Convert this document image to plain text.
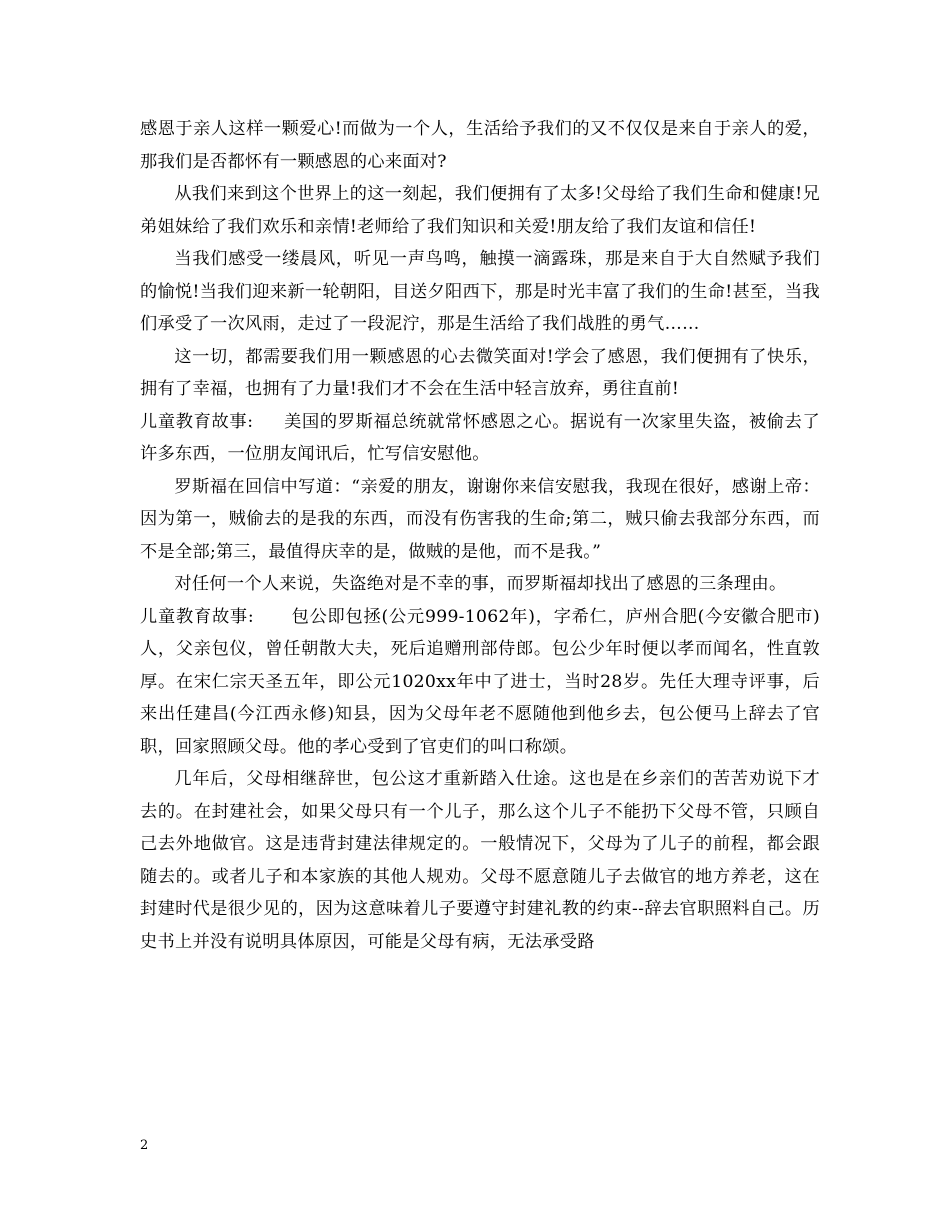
感恩于亲人这样一颗爱心!而做为一个人，生活给予我们的又不仅仅是来自于亲人的爱，那我们是否都怀有一颗感恩的心来面对?

从我们来到这个世界上的这一刻起，我们便拥有了太多!父母给了我们生命和健康!兄弟姐妹给了我们欢乐和亲情!老师给了我们知识和关爱!朋友给了我们友谊和信任!

当我们感受一缕晨风，听见一声鸟鸣，触摸一滴露珠，那是来自于大自然赋予我们的愉悦!当我们迎来新一轮朝阳，目送夕阳西下，那是时光丰富了我们的生命!甚至，当我们承受了一次风雨，走过了一段泥泞，那是生活给了我们战胜的勇气……

这一切，都需要我们用一颗感恩的心去微笑面对!学会了感恩，我们便拥有了快乐，拥有了幸福，也拥有了力量!我们才不会在生活中轻言放弃，勇往直前!

儿童教育故事:     美国的罗斯福总统就常怀感恩之心。据说有一次家里失盗，被偷去了许多东西，一位朋友闻讯后，忙写信安慰他。

罗斯福在回信中写道：“亲爱的朋友，谢谢你来信安慰我，我现在很好，感谢上帝：因为第一，贼偷去的是我的东西，而没有伤害我的生命;第二，贼只偷去我部分东西，而不是全部;第三，最值得庆幸的是，做贼的是他，而不是我。”

对任何一个人来说，失盗绝对是不幸的事，而罗斯福却找出了感恩的三条理由。

儿童教育故事:      包公即包拯(公元999-1062年)，字希仁，庐州合肥(今安徽合肥市)人，父亲包仪，曾任朝散大夫，死后追赠刑部侍郎。包公少年时便以孝而闻名，性直敦厚。在宋仁宗天圣五年，即公元1020xx年中了进士，当时28岁。先任大理寺评事，后来出任建昌(今江西永修)知县，因为父母年老不愿随他到他乡去，包公便马上辞去了官职，回家照顾父母。他的孝心受到了官吏们的叫口称颂。

几年后，父母相继辞世，包公这才重新踏入仕途。这也是在乡亲们的苦苦劝说下才去的。在封建社会，如果父母只有一个儿子，那么这个儿子不能扔下父母不管，只顾自己去外地做官。这是违背封建法律规定的。一般情况下，父母为了儿子的前程，都会跟随去的。或者儿子和本家族的其他人规劝。父母不愿意随儿子去做官的地方养老，这在封建时代是很少见的，因为这意味着儿子要遵守封建礼教的约束--辞去官职照料自己。历史书上并没有说明具体原因，可能是父母有病，无法承受路

2
